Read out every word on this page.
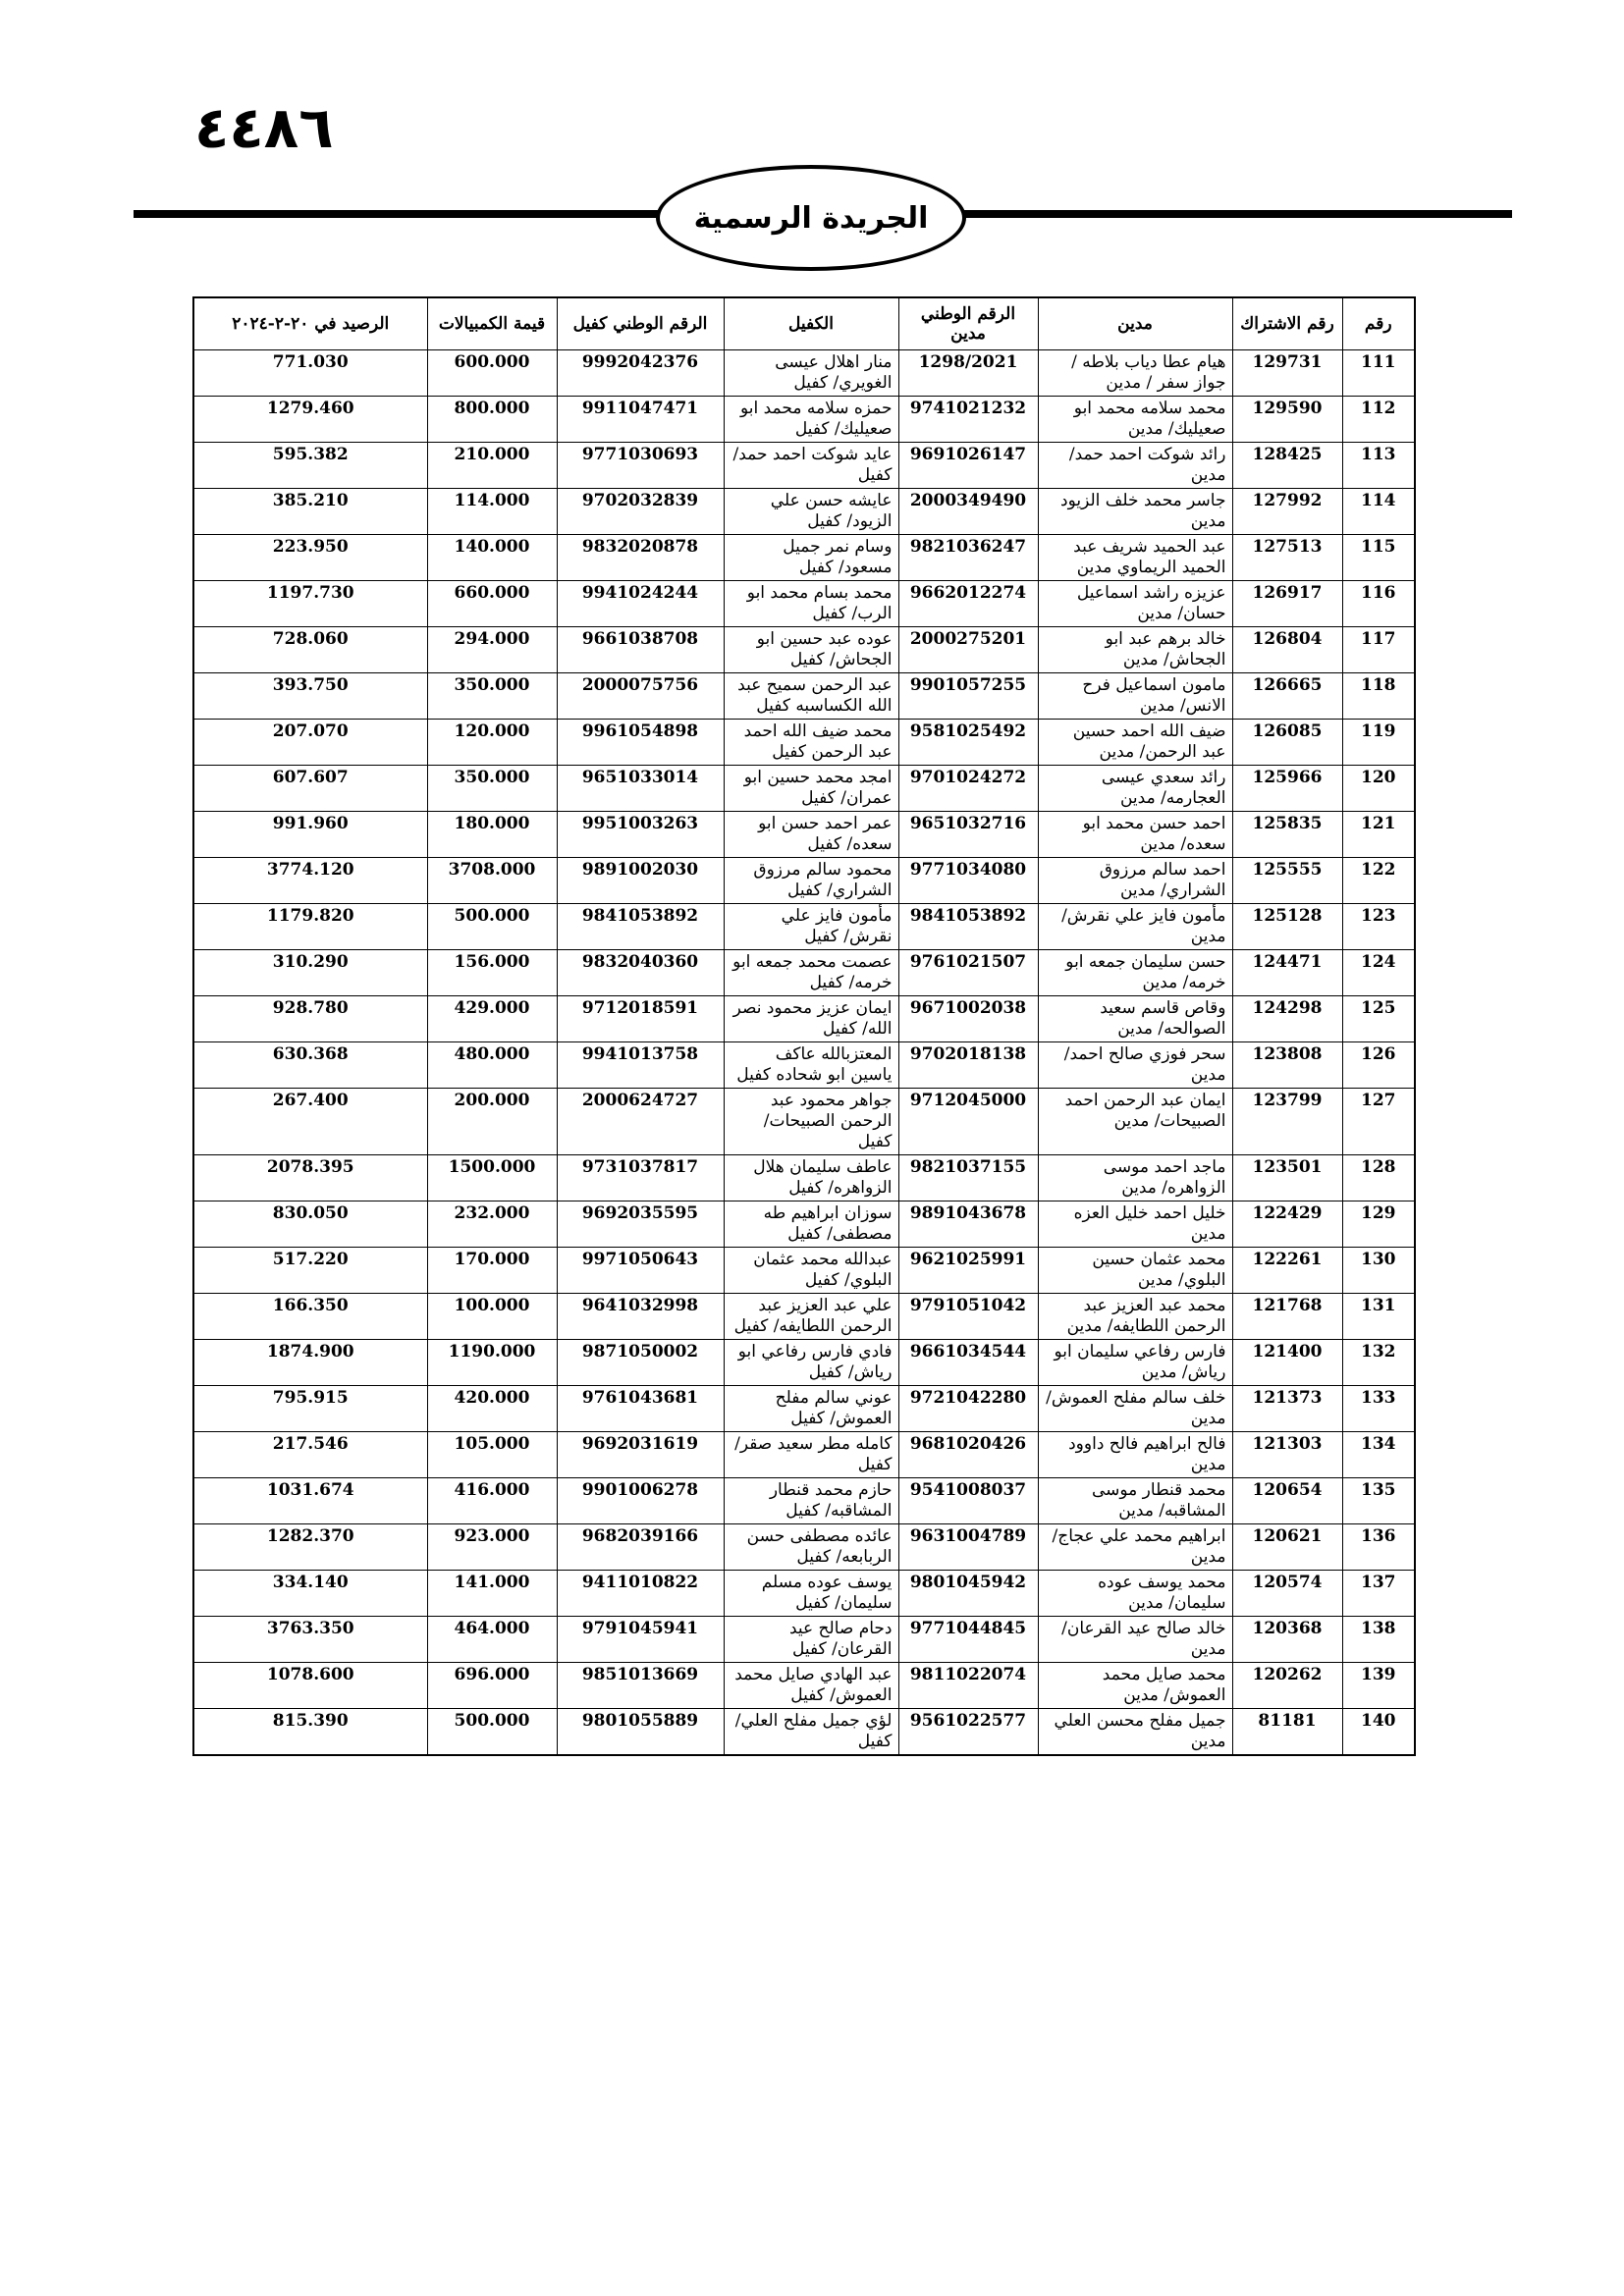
٤٤٨٦
الجريدة الرسمية
رقم	رقم الاشتراك	مدين	الرقم الوطني مدين	الكفيل	الرقم الوطني كفيل	قيمة الكمبيالات	الرصيد في ٢٠-٢-٢٠٢٤
111	129731	هيام عطا دياب بلاطه /جواز سفر / مدين	1298/2021	منار اهلال عيسى الغويري/ كفيل	9992042376	600.000	771.030
112	129590	محمد سلامه محمد ابو صعيليك/ مدين	9741021232	حمزه سلامه محمد ابو صعيليك/ كفيل	9911047471	800.000	1279.460
113	128425	رائد شوكت احمد حمد/مدين	9691026147	عايد شوكت احمد حمد/ كفيل	9771030693	210.000	595.382
114	127992	جاسر محمد خلف الزيود مدين	2000349490	عايشه حسن علي الزيود/ كفيل	9702032839	114.000	385.210
115	127513	عبد الحميد شريف عبد الحميد الريماوي مدين	9821036247	وسام نمر جميل مسعود/ كفيل	9832020878	140.000	223.950
116	126917	عزيزه راشد اسماعيل حسان/ مدين	9662012274	محمد بسام محمد ابو الرب/ كفيل	9941024244	660.000	1197.730
117	126804	خالد برهم عبد ابو الجحاش/ مدين	2000275201	عوده عبد حسين ابو الجحاش/ كفيل	9661038708	294.000	728.060
118	126665	مامون اسماعيل فرح الانس/ مدين	9901057255	عبد الرحمن سميح عبد الله الكساسبه كفيل	2000075756	350.000	393.750
119	126085	ضيف الله احمد حسين عبد الرحمن/ مدين	9581025492	محمد ضيف الله احمد عبد الرحمن كفيل	9961054898	120.000	207.070
120	125966	رائد سعدي عيسى العجارمه/ مدين	9701024272	امجد محمد حسين ابو عمران/ كفيل	9651033014	350.000	607.607
121	125835	احمد حسن محمد ابو سعده/ مدين	9651032716	عمر احمد حسن ابو سعده/ كفيل	9951003263	180.000	991.960
122	125555	احمد سالم مرزوق الشراري/ مدين	9771034080	محمود سالم مرزوق الشراري/ كفيل	9891002030	3708.000	3774.120
123	125128	مأمون فايز علي نقرش/مدين	9841053892	مأمون فايز علي نقرش/ كفيل	9841053892	500.000	1179.820
124	124471	حسن سليمان جمعه ابو خرمه/ مدين	9761021507	عصمت محمد جمعه ابو خرمه/ كفيل	9832040360	156.000	310.290
125	124298	وقاص قاسم سعيد الصوالحه/ مدين	9671002038	ايمان عزيز محمود نصر الله/ كفيل	9712018591	429.000	928.780
126	123808	سحر فوزي صالح احمد/مدين	9702018138	المعتزبالله عاكف ياسين ابو شحاده كفيل	9941013758	480.000	630.368
127	123799	ايمان عبد الرحمن احمد الصبيحات/ مدين	9712045000	جواهر محمود عبد الرحمن الصبيحات/ كفيل	2000624727	200.000	267.400
128	123501	ماجد احمد موسى الزواهره/ مدين	9821037155	عاطف سليمان هلال الزواهره/ كفيل	9731037817	1500.000	2078.395
129	122429	خليل احمد خليل العزه مدين	9891043678	سوزان ابراهيم طه مصطفى/ كفيل	9692035595	232.000	830.050
130	122261	محمد عثمان حسين البلوي/ مدين	9621025991	عبدالله محمد عثمان البلوي/ كفيل	9971050643	170.000	517.220
131	121768	محمد عبد العزيز عبد الرحمن اللطايفه/ مدين	9791051042	علي عبد العزيز عبد الرحمن اللطايفه/ كفيل	9641032998	100.000	166.350
132	121400	فارس رفاعي سليمان ابو رياش/ مدين	9661034544	فادي فارس رفاعي ابو رياش/ كفيل	9871050002	1190.000	1874.900
133	121373	خلف سالم مفلح العموش/مدين	9721042280	عوني سالم مفلح العموش/ كفيل	9761043681	420.000	795.915
134	121303	فالح ابراهيم فالح داوود مدين	9681020426	كامله مطر سعيد صقر/ كفيل	9692031619	105.000	217.546
135	120654	محمد قنطار موسى المشاقبه/ مدين	9541008037	حازم محمد قنطار المشاقبه/ كفيل	9901006278	416.000	1031.674
136	120621	ابراهيم محمد علي عجاج/مدين	9631004789	عائده مصطفى حسن الربابعه/ كفيل	9682039166	923.000	1282.370
137	120574	محمد يوسف عوده سليمان/ مدين	9801045942	يوسف عوده مسلم سليمان/ كفيل	9411010822	141.000	334.140
138	120368	خالد صالح عيد القرعان/مدين	9771044845	دحام صالح عيد القرعان/ كفيل	9791045941	464.000	3763.350
139	120262	محمد صايل محمد العموش/ مدين	9811022074	عبد الهادي صايل محمد العموش/ كفيل	9851013669	696.000	1078.600
140	81181	جميل مفلح محسن العلي مدين	9561022577	لؤي جميل مفلح العلي/ كفيل	9801055889	500.000	815.390
